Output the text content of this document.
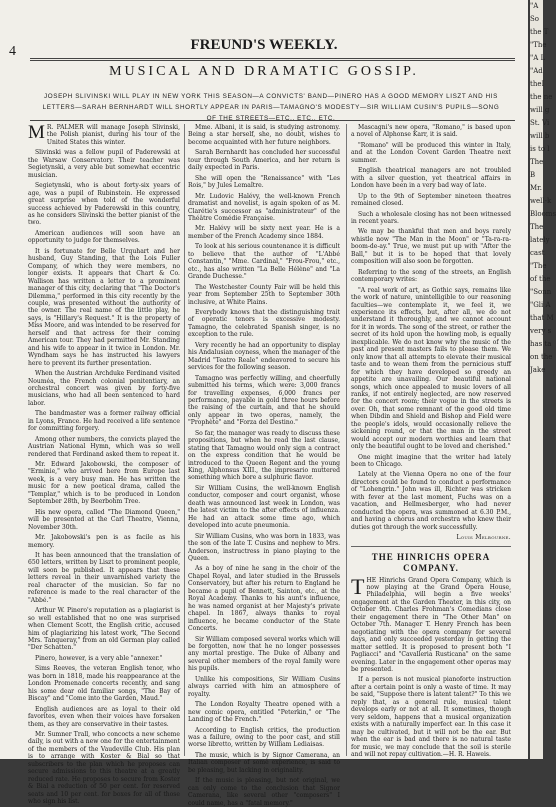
4	FREUND'S WEEKLY.
MUSICAL AND DRAMATIC GOSSIP.
JOSEPH SLIVINSKI WILL PLAY IN NEW YORK THIS SEASON—A CONVICTS' BAND—PINERO HAS A GOOD MEMORY LISZT AND HIS LETTERS—SARAH BERNHARDT WILL SHORTLY APPEAR IN PARIS—TAMAGNO'S MODESTY—SIR WILLIAM CUSIN'S PUPILS—SONG OF THE STREETS—ETC., ETC., ETC.

M R. PALMER will manage Joseph Slivinski, the Polish pianist, during his tour of the United States this winter.

Slivinski was a fellow pupil of Paderewski at the Warsaw Conservatory. Their teacher was Segietynski, a very able but somewhat eccentric musician.

Segietynski, who is about forty-six years of age, was a pupil of Rubinstein. He expressed great surprise when told of the wonderful success achieved by Paderewski in this country, as he considers Slivinski the better pianist of the two.

American audiences will soon have an opportunity to judge for themselves.

It is fortunate for Belle Urquhart and her husband, Guy Standing, that the Lois Fuller Company, of which they were members, no longer exists. It appears that Chart & Co. Wallison has written a letter to a prominent manager of this city, declaring that "The Doctor's Dilemma," performed in this city recently by the couple, was presented without the authority of the owner. The real name of the little play, he says, is "Hillary's Request." It is the property of Miss Moore, and was intended to be reserved for herself and that actress for their coming American tour. They had permitted Mr. Standing and his wife to appear in it twice in London. Mr. Wyndham says he has instructed his lawyers here to prevent its further presentation.

When the Austrian Archduke Ferdinand visited Nouméa, the French colonial penitentiary, an orchestral concert was given by forty-five musicians, who had all been sentenced to hard labor.

The bandmaster was a former railway official in Lyons, France. He had received a life sentence for committing forgery.

Among other numbers, the convicts played the Austrian National Hymn, which was so well rendered that Ferdinand asked them to repeat it.

Mr. Edward Jakobowski, the composer of "Erminie," who arrived here from Europe last week, is a very busy man. He has written the music for a new poetical drama, called the "Templar," which is to be produced in London September 28th, by Beerbohm Tree.

His new opera, called "The Diamond Queen," will be presented at the Carl Theatre, Vienna, November 30th.

Mr. Jakobowski's pen is as facile as his memory.

It has been announced that the translation of 650 letters, written by Liszt to prominent people, will soon be published. It appears that these letters reveal in their unvarnished variety the real character of the musician. So far no reference is made to the real character of the "Abbé."

Arthur W. Pinero's reputation as a plagiarist is so well established that no one was surprised when Clement Scott, the English critic, accused him of plagiarizing his latest work, "The Second Mrs. Tanqueray," from an old German play called "Der Schatten."

Pinero, however, is a very able "annexer."

Sims Reeves, the veteran English tenor, who was born in 1818, made his reappearance at the London Promenade concerts recently, and sang his some dear old familiar songs, "The Bay of Biscay" and "Come into the Garden, Maud."

English audiences are as loyal to their old favorites, even when their voices have forsaken them, as they are conservative in their tastes.

Mr. Sumner Trall, who concocts a new scheme daily, is out with a new one for the entertainment of the members of the Vaudeville Club. His plan is to arrange with Koster & Bial so that subscribers to the plan which he proposes can secure admissions to this theatre at a greatly reduced rate. He proposes to secure from Koster & Bial a reduction of 50 per cent. for reserved seats and 10 per cent. for boxes for all of those who sign his list.

Mme. Albani, it is said, is studying astronomy. Being a star herself, she, no doubt, wishes to become acquainted with her future neighbors.

Sarah Bernhardt has concluded her successful tour through South America, and her return is daily expected in Paris.

She will open the "Renaissance" with "Les Rois," by Jules Lemaître.

Mr. Ludovic Halévy, the well-known French dramatist and novelist, is again spoken of as M. Clarétie's successor as "administrateur" of the Théâtre Comédie Française.

Mr. Halévy will be sixty next year. He is a member of the French Academy since 1884.

To look at his serious countenance it is difficult to believe that the author of "L'Abbé Constantin," "Mme. Cardinal," "Frou-Frou," etc., etc., has also written "La Belle Hélène" and "La Grande Duchesse."

The Westchester County Fair will be held this year from September 25th to September 30th inclusive, at White Plains.

Everybody knows that the distinguishing trait of operatic tenors is excessive modesty. Tamagno, the celebrated Spanish singer, is no exception to the rule.

Very recently he had an opportunity to display his Andalusian coyness, when the manager of the Madrid "Teatro Reale" endeavored to secure his services for the following season.

Tamagno was perfectly willing, and cheerfully submitted his terms, which were: 3,000 francs for travelling expenses, 6,000 francs per performance, payable in gold three hours before the raising of the curtain, and that he should only appear in two operas, namely, the "Prophète" and "Forza del Destino."

So far, the manager was ready to discuss these propositions, but when he read the last clause, stating that Tamagno would only sign a contract on the express condition that he would be introduced to the Queen Regent and the young King, Alphonsus XIII., the impresario muttered something which bore a sulphuric flavor.

Sir William Cusins, the well-known English conductor, composer and court organist, whose death was announced last week in London, was the latest victim to the after effects of influenza. He had an attack some time ago, which developed into acute pneumonia.

Sir William Cusins, who was born in 1833, was the son of the late T. Cusins and nephew to Mrs. Anderson, instructress in piano playing to the Queen.

As a boy of nine he sang in the choir of the Chapel Royal, and later studied in the Brussels Conservatory, but after his return to England he became a pupil of Bennett, Sainton, etc., at the Royal Academy. Thanks to his aunt's influence, he was named organist at her Majesty's private chapel. In 1867, always thanks to royal influence, he became conductor of the State Concerts.

Sir William composed several works which will be forgotten, now that he no longer possesses any mortal prestige. The Duke of Albany and several other members of the royal family were his pupils.

Unlike his compositions, Sir William Cusins always carried with him an atmosphere of royalty.

The London Royalty Theatre opened with a new comic opera, entitled "Peterkin," or "The Landing of the French."

According to English critics, the production was a failure, owing to the poor cast, and still worse libretto, written by William Lediaisas.

The music, which is by Signor Camerana, an Italian composer of some experience, is said to be pleasing, but lacking in originality.

If the music is pleasing, but not original, we can only come to the conclusion that Signor Camerana, like several other "composers" I could name, has a "fatal memory."

Mascagni's new opera, "Romano," is based upon a novel of Alphonse Karr, it is said.

"Romano" will be produced this winter in Italy, and at the London Covent Garden Theatre next summer.

English theatrical managers are not troubled with a silver question, yet theatrical affairs in London have been in a very bad way of late.

Up to the 9th of September nineteen theatres remained closed.

Such a wholesale closing has not been witnessed in recent years.

We may be thankful that men and boys rarely whistle now "The Man in the Moon" or "Ta-ra-ra-boom-de-ay." True, we must put up with "After the Ball," but it is to be hoped that that lovely composition will also soon be forgotten.

Referring to the song of the streets, an English contemporary writes:

"A real work of art, as Gothic says, remains like the work of nature, unintelligible to our reasoning faculties—we contemplate it, we feel it, we experience its effects, but, after all, we do not understand it thoroughly, and we cannot account for it in words. The song of the street, or rather the secret of its hold upon the howling mob, is equally inexplicable. We do not know why the music of the past and present masters fails to please them. We only know that all attempts to elevate their musical taste and to wean them from the pernicious stuff for which they have developed so greedy an appetite are unavailing. Our beautiful national songs, which once appealed to music lovers of all ranks, if not entirely neglected, are now reserved for the concert room; their vogue in the streets is over. Oh, that some remnant of the good old time when Dibdin and Shield and Bishop and Field were the people's idols, would occasionally relieve the sickening round, or that the man in the street would accept our modern worthies and learn that only the beautiful ought to be loved and cherished."

One might imagine that the writer had lately been to Chicago.

Lately at the Vienna Opera no one of the four directors could be found to conduct a performance of "Lohengrin." John was ill, Richter was stricken with fever at the last moment, Fuchs was on a vacation, and Hellmesberger, who had never conducted the opera, was summoned at 6.30 P.M., and having a chorus and orchestra who knew their duties got through the work successfully.

Louis Melbourne.

THE HINRICHS OPERA COMPANY.

THE Hinrichs Grand Opera Company, which is now playing at the Grand Opera House, Philadelphia, will begin a five weeks' engagement at the Garden Theater, in this city, on October 9th. Charles Frohman's Comedians close their engagement there in "The Other Man" on October 7th. Manager T. Henry French has been negotiating with the opera company for several days, and only succeeded yesterday in getting the matter settled. It is proposed to present both "I Pagliacci" and "Cavalleria Rusticana" on the same evening. Later in the engagement other operas may be presented.

If a person is not musical pianoforte instruction after a certain point is only a waste of time. It may be said, "Suppose there is latent talent?" To this we reply that, as a general rule, musical talent develops early or not at all. It sometimes, though very seldom, happens that a musical organization exists with a naturally imperfect ear. In this case it may be cultivated, but it will not be the ear. But when the ear is bad and there is no natural taste for music, we may conclude that the soil is sterile and will not repay cultivation.—H. R. Haweis.

"A
So
the T
"The
"A L
"Ad
theI
the ne
will g
St. Vi
will b
is to l
The
B
Mr.
well-k
Blooms
The
lately
cast
"The
of the
"Sonn
"Gli A
that M
very s
has ta
on the
Jake
